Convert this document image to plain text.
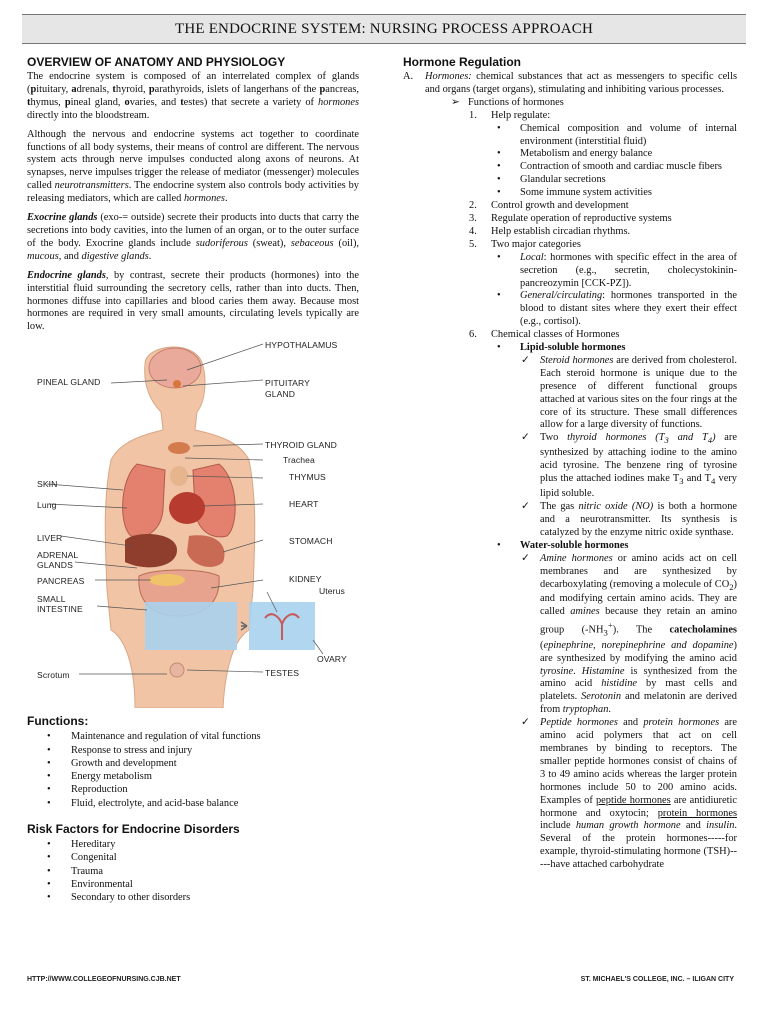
THE ENDOCRINE SYSTEM: NURSING PROCESS APPROACH
OVERVIEW OF ANATOMY AND PHYSIOLOGY

The endocrine system is composed of an interrelated complex of glands (pituitary, adrenals, thyroid, parathyroids, islets of langerhans of the pancreas, thymus, pineal gland, ovaries, and testes) that secrete a variety of hormones directly into the bloodstream.

Although the nervous and endocrine systems act together to coordinate functions of all body systems, their means of control are different. The nervous system acts through nerve impulses conducted along axons of neurons. At synapses, nerve impulses trigger the release of mediator (messenger) molecules called neurotransmitters. The endocrine system also controls body activities by releasing mediators, which are called hormones.

Exocrine glands (exo-= outside) secrete their products into ducts that carry the secretions into body cavities, into the lumen of an organ, or to the outer surface of the body. Exocrine glands include sudoriferous (sweat), sebaceous (oil), mucous, and digestive glands.

Endocrine glands, by contrast, secrete their products (hormones) into the interstitial fluid surrounding the secretory cells, rather than into ducts. Then, hormones diffuse into capillaries and blood caries them away. Because most hormones are required in very small amounts, circulating levels typically are low.

HYPOTHALAMUS
PINEAL GLAND	PITUITARY
GLAND
THYROID GLAND
Trachea
THYMUS
SKIN
HEART
Lung
LIVER	STOMACH
ADRENAL
GLANDS
PANCREAS	KIDNEY
Uterus
SMALL
INTESTINE
OVARY
Scrotum	TESTES
Functions:
• Maintenance and regulation of vital functions
• Response to stress and injury
• Growth and development
• Energy metabolism
• Reproduction
• Fluid, electrolyte, and acid-base balance
Risk Factors for Endocrine Disorders
• Hereditary
• Congenital
• Trauma
• Environmental
• Secondary to other disorders
Hormone Regulation
A. Hormones: chemical substances that act as messengers to specific cells and organs (target organs), stimulating and inhibiting various processes.
➢ Functions of hormones
1. Help regulate:
• Chemical composition and volume of internal environment (interstitial fluid)
• Metabolism and energy balance
• Contraction of smooth and cardiac muscle fibers
• Glandular secretions
• Some immune system activities
2. Control growth and development
3. Regulate operation of reproductive systems
4. Help establish circadian rhythms.
5. Two major categories
• Local: hormones with specific effect in the area of secretion (e.g., secretin, cholecystokinin-pancreozymin [CCK-PZ]).
• General/circulating: hormones transported in the blood to distant sites where they exert their effect (e.g., cortisol).
6. Chemical classes of Hormones
• Lipid-soluble hormones
✓ Steroid hormones are derived from cholesterol. Each steroid hormone is unique due to the presence of different functional groups attached at various sites on the four rings at the core of its structure. These small differences allow for a large diversity of functions.
✓ Two thyroid hormones ($T_3$ and $T_4$) are synthesized by attaching iodine to the amino acid tyrosine. The benzene ring of tyrosine plus the attached iodines make $T_3$ and $T_4$ very lipid soluble.
✓ The gas nitric oxide (NO) is both a hormone and a neurotransmitter. Its synthesis is catalyzed by the enzyme nitric oxide synthase.
• Water-soluble hormones
✓ Amine hormones or amino acids act on cell membranes and are synthesized by decarboxylating (removing a molecule of $CO_2$) and modifying certain amino acids. They are called amines because they retain an amino group $(-NH_3^+)$. The catecholamines (epinephrine, norepinephrine and dopamine) are synthesized by modifying the amino acid tyrosine. Histamine is synthesized from the amino acid histidine by mast cells and platelets. Serotonin and melatonin are derived from tryptophan.
✓ Peptide hormones and protein hormones are amino acid polymers that act on cell membranes by binding to receptors. The smaller peptide hormones consist of chains of 3 to 49 amino acids whereas the larger protein hormones include 50 to 200 amino acids. Examples of peptide hormones are antidiuretic hormone and oxytocin; protein hormones include human growth hormone and insulin. Several of the protein hormones-----for example, thyroid-stimulating hormone (TSH)-----have attached carbohydrate
HTTP://WWW.COLLEGEOFNURSING.CJB.NET	ST. MICHAEL'S COLLEGE, INC. – ILIGAN CITY
